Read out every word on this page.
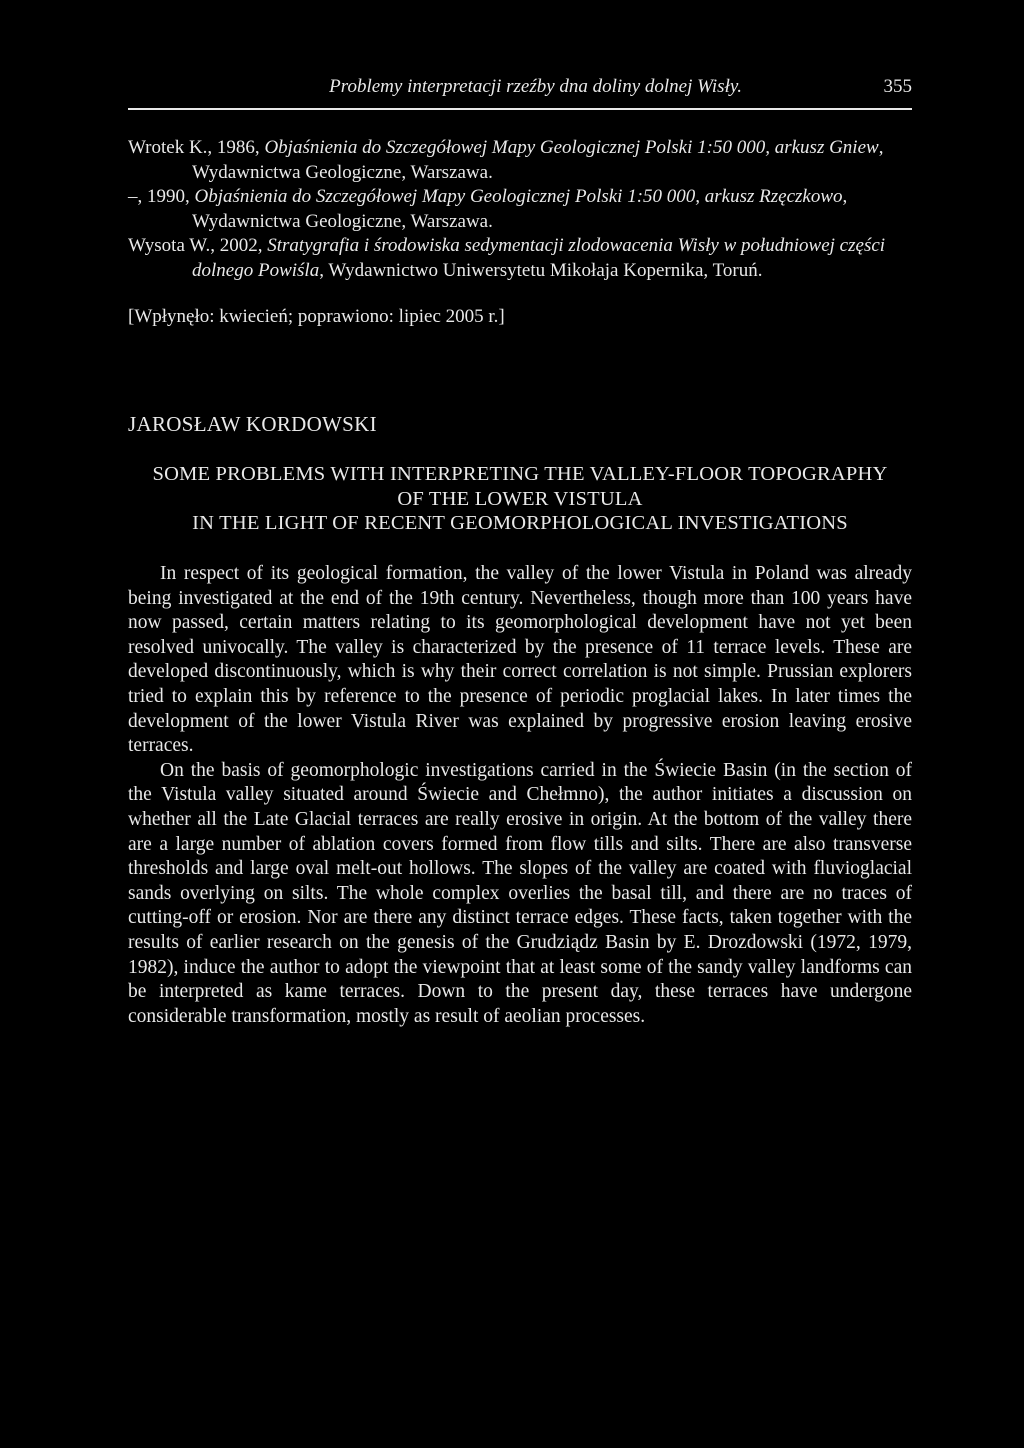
Problemy interpretacji rzeźby dna doliny dolnej Wisły.	355

Wrotek K., 1986, Objaśnienia do Szczegółowej Mapy Geologicznej Polski 1:50 000, arkusz Gniew, Wydawnictwa Geologiczne, Warszawa.

–, 1990, Objaśnienia do Szczegółowej Mapy Geologicznej Polski 1:50 000, arkusz Rzęczkowo, Wydawnictwa Geologiczne, Warszawa.

Wysota W., 2002, Stratygrafia i środowiska sedymentacji zlodowacenia Wisły w południowej części dolnego Powiśla, Wydawnictwo Uniwersytetu Mikołaja Kopernika, Toruń.

[Wpłynęło: kwiecień; poprawiono: lipiec 2005 r.]
JAROSŁAW KORDOWSKI
SOME PROBLEMS WITH INTERPRETING THE VALLEY-FLOOR TOPOGRAPHY
OF THE LOWER VISTULA
IN THE LIGHT OF RECENT GEOMORPHOLOGICAL INVESTIGATIONS

In respect of its geological formation, the valley of the lower Vistula in Poland was already being investigated at the end of the 19th century. Nevertheless, though more than 100 years have now passed, certain matters relating to its geomorphological development have not yet been resolved univocally. The valley is characterized by the presence of 11 terrace levels. These are developed discontinuously, which is why their correct correlation is not simple. Prussian explorers tried to explain this by reference to the presence of periodic proglacial lakes. In later times the development of the lower Vistula River was explained by progressive erosion leaving erosive terraces.

On the basis of geomorphologic investigations carried in the Świecie Basin (in the section of the Vistula valley situated around Świecie and Chełmno), the author initiates a discussion on whether all the Late Glacial terraces are really erosive in origin. At the bottom of the valley there are a large number of ablation covers formed from flow tills and silts. There are also transverse thresholds and large oval melt-out hollows. The slopes of the valley are coated with fluvioglacial sands overlying on silts. The whole complex overlies the basal till, and there are no traces of cutting-off or erosion. Nor are there any distinct terrace edges. These facts, taken together with the results of earlier research on the genesis of the Grudziądz Basin by E. Drozdowski (1972, 1979, 1982), induce the author to adopt the viewpoint that at least some of the sandy valley landforms can be interpreted as kame terraces. Down to the present day, these terraces have undergone considerable transformation, mostly as result of aeolian processes.
